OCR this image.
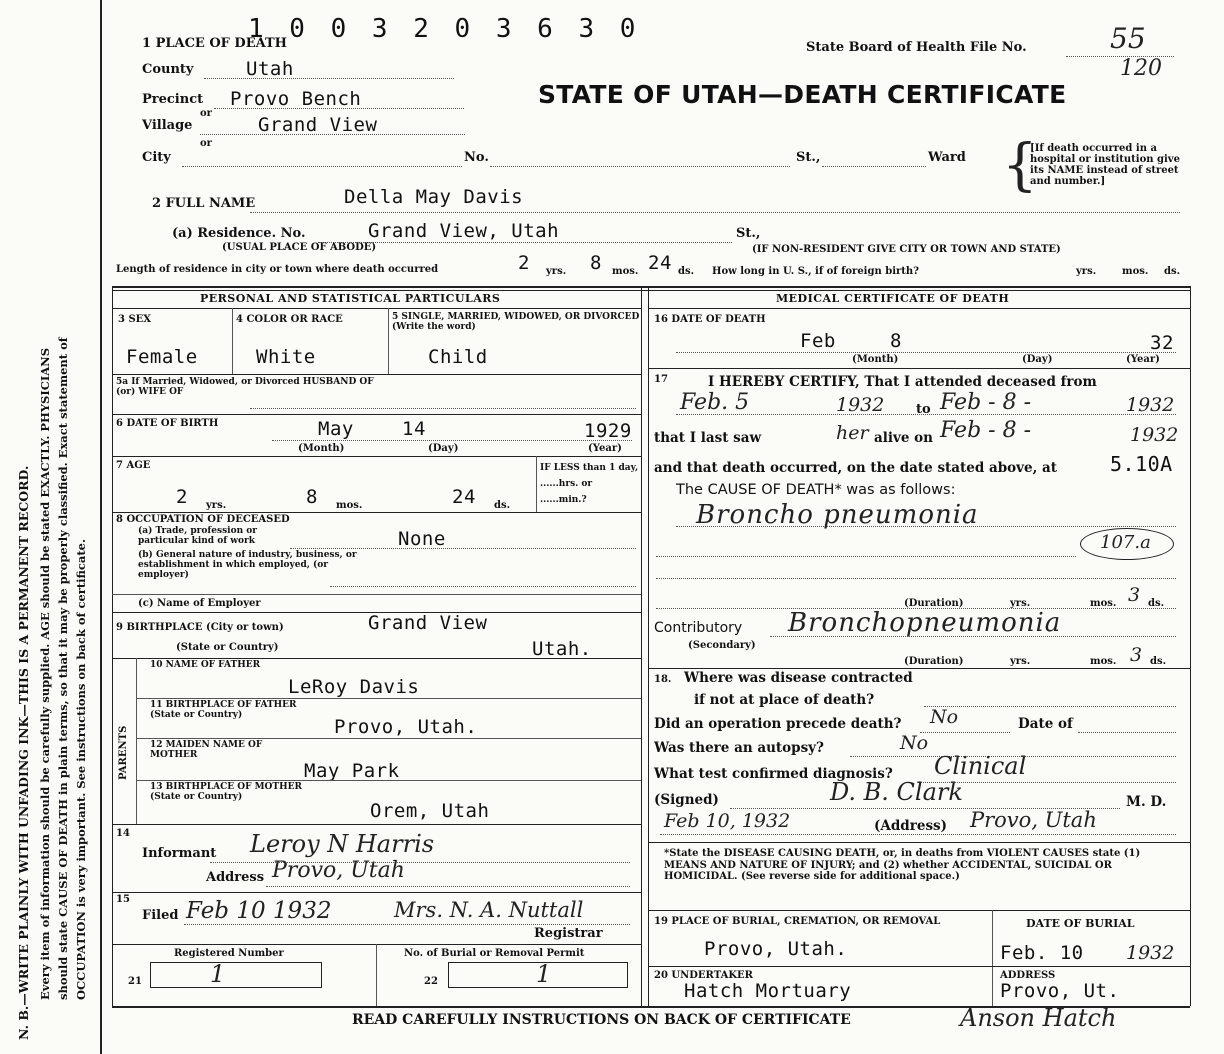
N. B.—WRITE PLAINLY WITH UNFADING INK—THIS IS A PERMANENT RECORD. Every item of information should be carefully supplied. AGE should be stated EXACTLY. PHYSICIANS should state CAUSE OF DEATH in plain terms, so that it may be properly classified. Exact statement of OCCUPATION is very important. See instructions on back of certificate.
1 0 0 3 2 0 3 6 3 0
State Board of Health File No.	55
120
STATE OF UTAH—DEATH CERTIFICATE
1 PLACE OF DEATH
County	Utah
Precinct Provo Bench
or
Village	Grand View
or
City	No.	St.,	Ward {
[If death occurred in a hospital or institution give its NAME instead of street and number.]
2 FULL NAME	Della May Davis
(a) Residence. No.	Grand View, Utah
(USUAL PLACE OF ABODE)
St.,
(IF NON-RESIDENT GIVE CITY OR TOWN AND STATE)
Length of residence in city or town where death occurred	2 yrs. 8 mos. 24 ds. How long in U. S., if of foreign birth?	yrs.	mos. ds.
PERSONAL AND STATISTICAL PARTICULARS
3 SEX
Female
4 COLOR OR RACE
White
5 SINGLE, MARRIED, WIDOWED, OR DIVORCED (Write the word)
Child
5a If Married, Widowed, or Divorced HUSBAND OF (or) WIFE OF
6 DATE OF BIRTH	May	14	1929
(Month)	(Day)	(Year)
7 AGE
2 yrs.	8 mos.	24 ds.
IF LESS than 1 day, ......hrs. or ......min.?
8 OCCUPATION OF DECEASED
(a) Trade, profession or particular kind of work	None
(b) General nature of industry, business, or establishment in which employed, (or employer)
(c) Name of Employer
9 BIRTHPLACE (City or town)	Grand View
(State or Country)	Utah.
PARENTS
10 NAME OF FATHER
LeRoy Davis
11 BIRTHPLACE OF FATHER (State or Country)
Provo, Utah.
12 MAIDEN NAME OF MOTHER
May Park
13 BIRTHPLACE OF MOTHER (State or Country)
Orem, Utah
14
Informant Leroy N Harris
Address Provo, Utah
15
Filed Feb 10 1932	Mrs. N. A. Nuttall
Registrar
Registered Number	No. of Burial or Removal Permit
21	1	22	1
MEDICAL CERTIFICATE OF DEATH
16 DATE OF DEATH
Feb	8	32
(Month)	(Day)	(Year)
17	I HEREBY CERTIFY, That I attended deceased from
Feb. 5	1932 to Feb - 8 -	1932
that I last saw	her alive on Feb - 8 -	1932
and that death occurred, on the date stated above, at	5.10A
The CAUSE OF DEATH* was as follows:
Broncho pneumonia
107.a
(Duration)	yrs.	mos. 3 ds.
Contributory
(Secondary)
Bronchopneumonia
(Duration)	yrs.	mos. 3 ds.
18. Where was disease contracted
if not at place of death?
Did an operation precede death? No	Date of
Was there an autopsy?	No
What test confirmed diagnosis? Clinical
(Signed)	D. B. Clark	M. D.
Feb 10, 1932	(Address) Provo, Utah
*State the DISEASE CAUSING DEATH, or, in deaths from VIOLENT CAUSES state (1) MEANS AND NATURE OF INJURY; and (2) whether ACCIDENTAL, SUICIDAL OR HOMICIDAL. (See reverse side for additional space.)
19 PLACE OF BURIAL, CREMATION, OR REMOVAL
Provo, Utah.
DATE OF BURIAL
Feb. 10 1932
20 UNDERTAKER
Hatch Mortuary
ADDRESS
Provo, Ut.
READ CAREFULLY INSTRUCTIONS ON BACK OF CERTIFICATE	Anson Hatch
